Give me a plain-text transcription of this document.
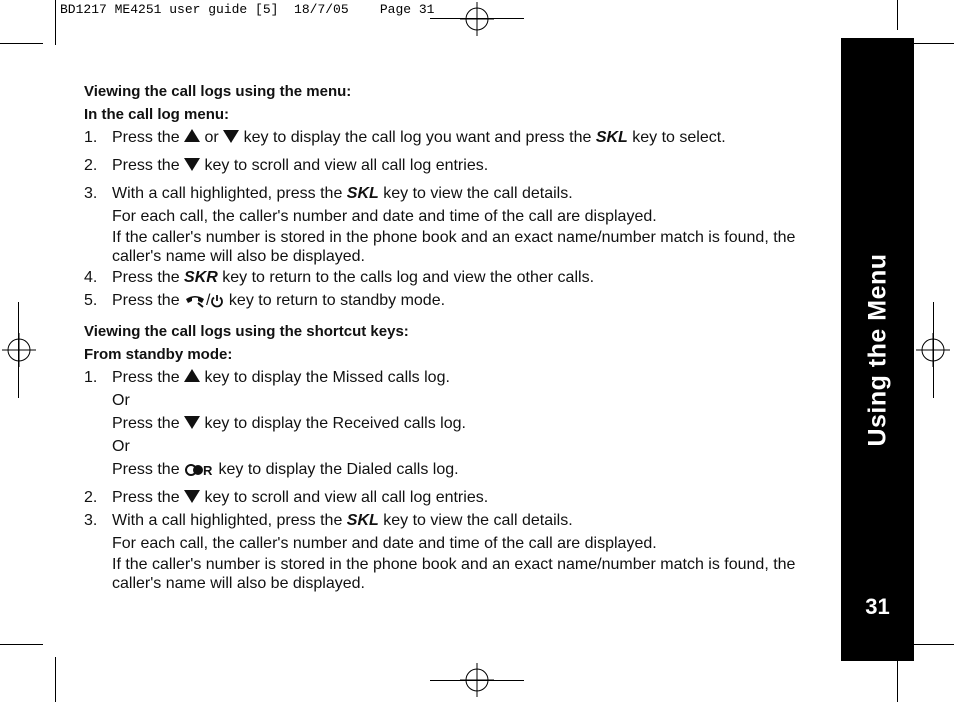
BD1217 ME4251 user guide [5]  18/7/05    Page 31
Using the Menu
31
Viewing the call logs using the menu:
In the call log menu:
1. Press the  or  key to display the call log you want and press the SKL key to select.
2. Press the  key to scroll and view all call log entries.
3. With a call highlighted, press the SKL key to view the call details.
For each call, the caller's number and date and time of the call are displayed.
If the caller's number is stored in the phone book and an exact name/number match is found, the caller's name will also be displayed.
4. Press the SKR key to return to the calls log and view the other calls.
5. Press the / key to return to standby mode.
Viewing the call logs using the shortcut keys:
From standby mode:
1. Press the  key to display the Missed calls log.
Or
Press the  key to display the Received calls log.
Or
Press the R key to display the Dialed calls log.
2. Press the  key to scroll and view all call log entries.
3. With a call highlighted, press the SKL key to view the call details.
For each call, the caller's number and date and time of the call are displayed.
If the caller's number is stored in the phone book and an exact name/number match is found, the caller's name will also be displayed.
